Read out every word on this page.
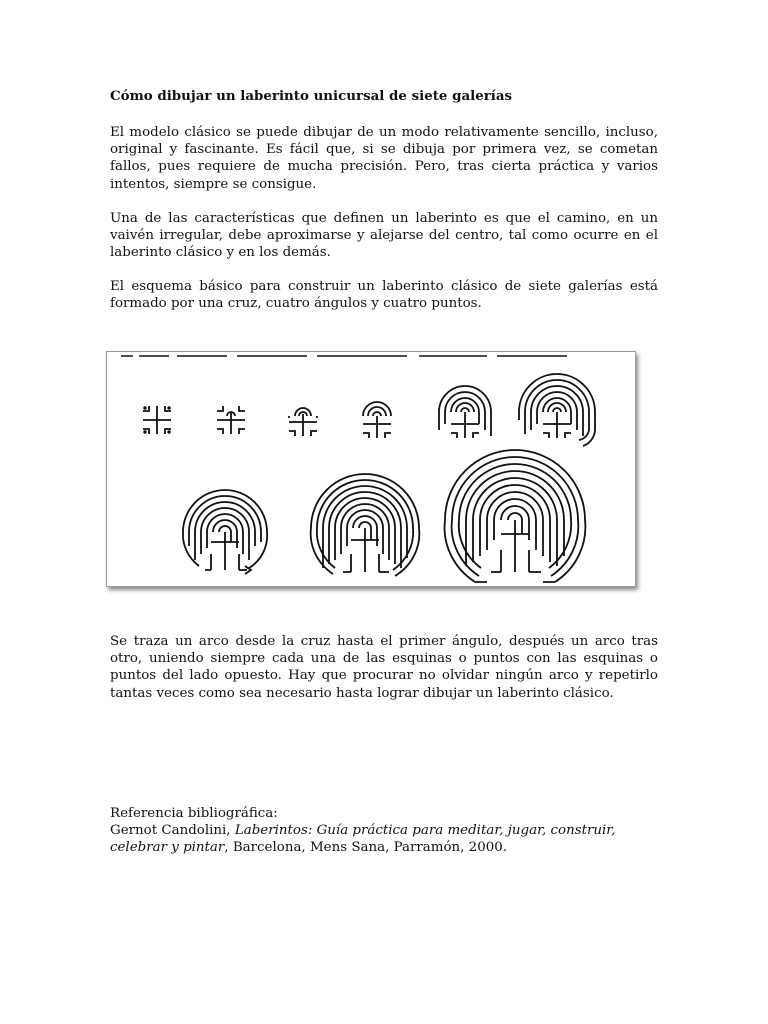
Cómo dibujar un laberinto unicursal de siete galerías

El modelo clásico se puede dibujar de un modo relativamente sencillo, incluso, original y fascinante. Es fácil que, si se dibuja por primera vez, se cometan fallos, pues requiere de mucha precisión. Pero, tras cierta práctica y varios intentos, siempre se consigue.

Una de las características que definen un laberinto es que el camino, en un vaivén irregular, debe aproximarse y alejarse del centro, tal como ocurre en el laberinto clásico y en los demás.

El esquema básico para construir un laberinto clásico de siete galerías está formado por una cruz, cuatro ángulos y cuatro puntos.

Se traza un arco desde la cruz hasta el primer ángulo, después un arco tras otro, uniendo siempre cada una de las esquinas o puntos con las esquinas o puntos del lado opuesto. Hay que procurar no olvidar ningún arco y repetirlo tantas veces como sea necesario hasta lograr dibujar un laberinto clásico.

Referencia bibliográfica:
Gernot Candolini, Laberintos: Guía práctica para meditar, jugar, construir, celebrar y pintar, Barcelona, Mens Sana, Parramón, 2000.
